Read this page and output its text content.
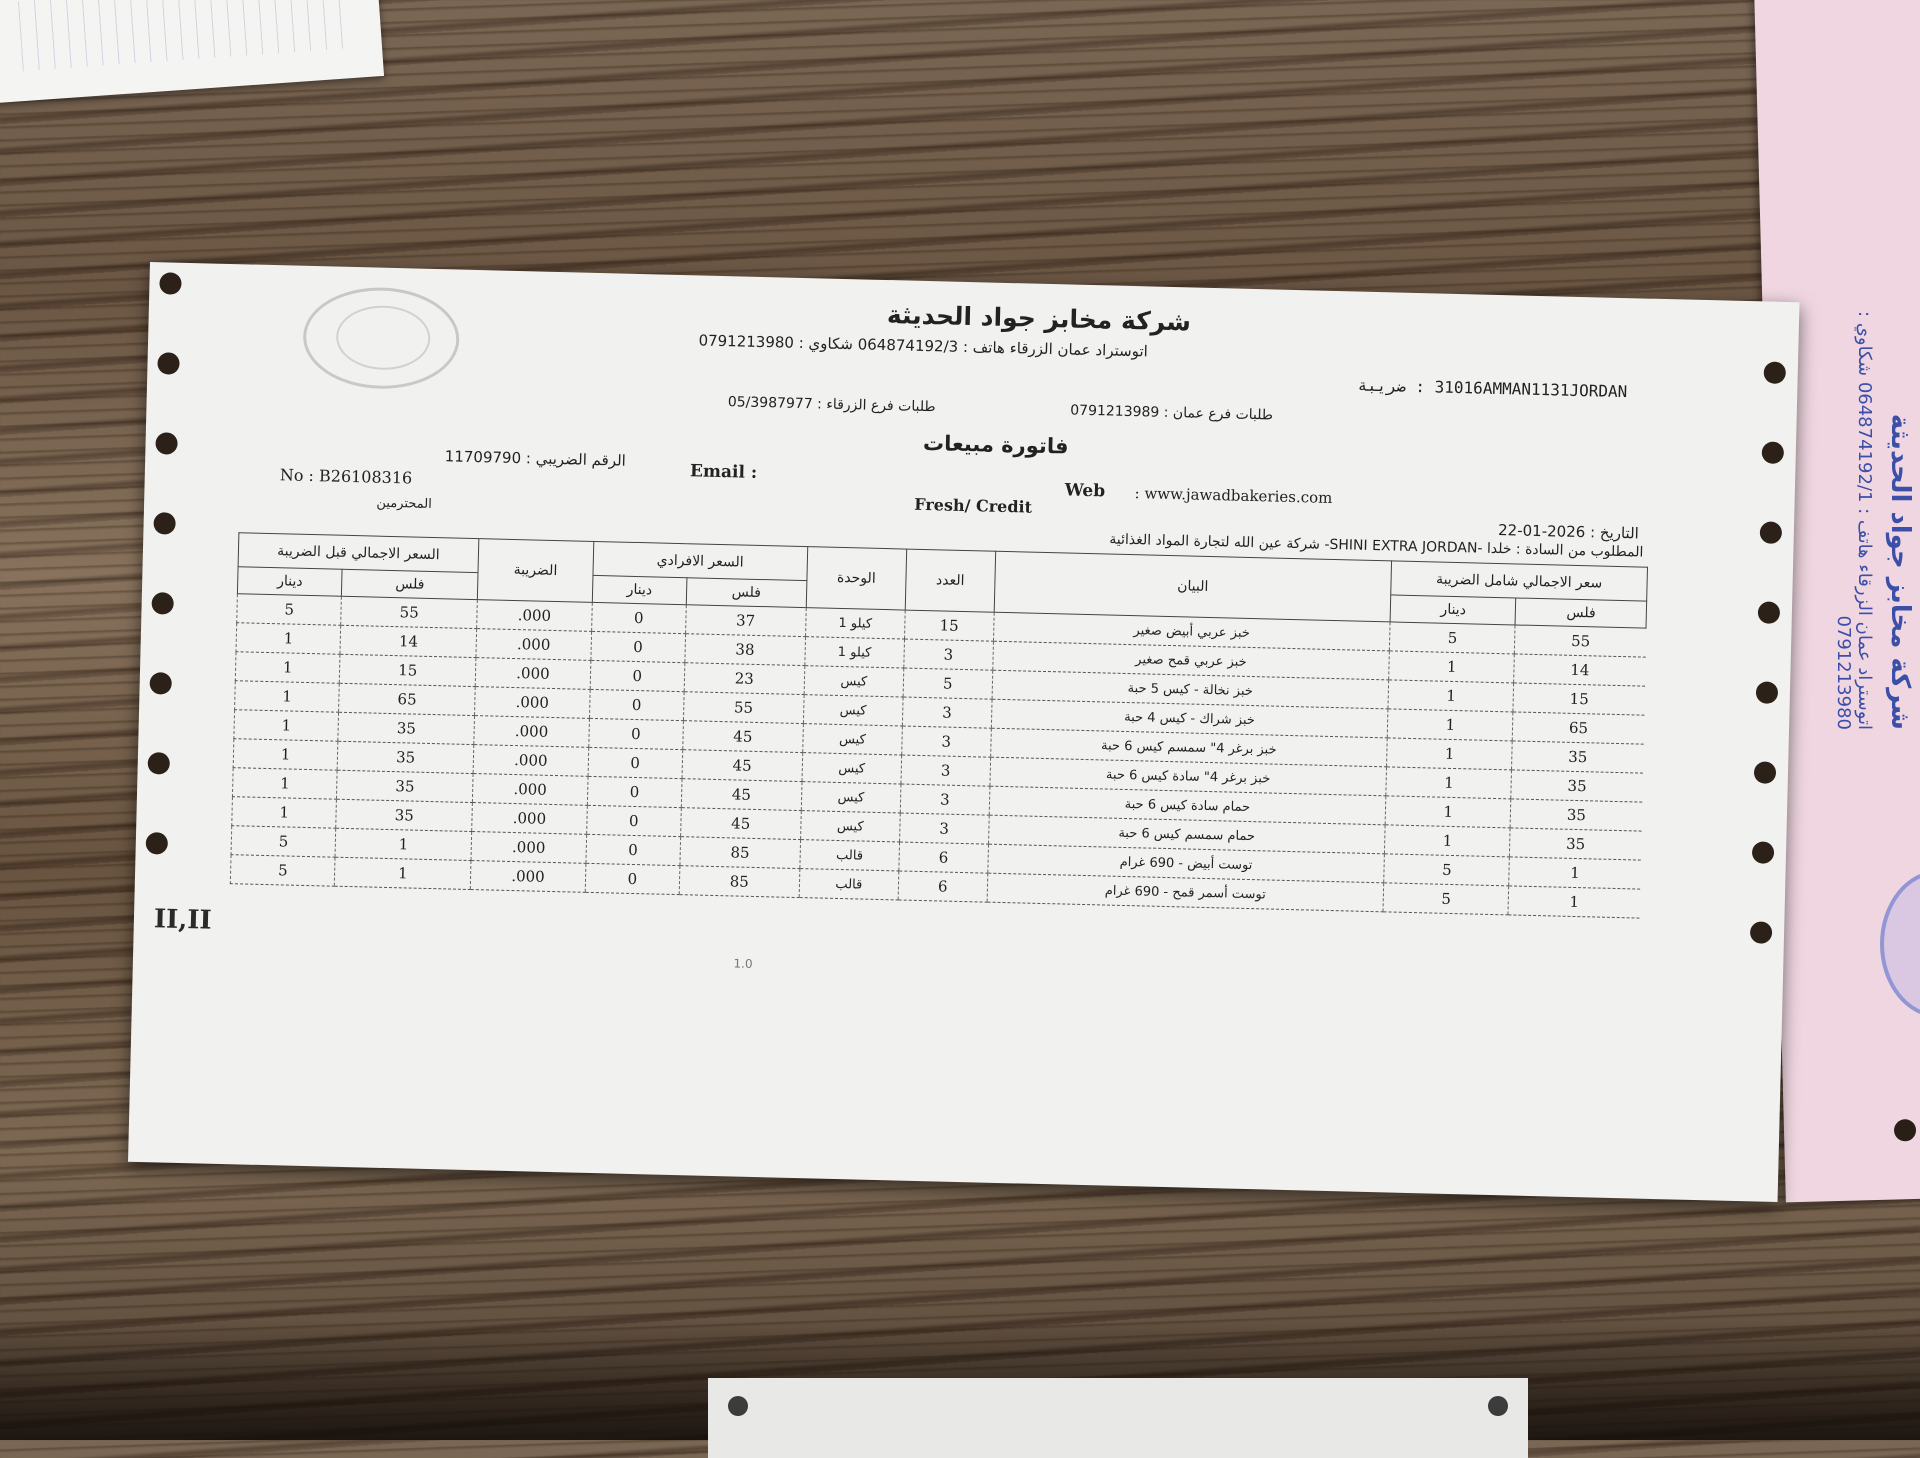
شركة مخابز جواد الحديثة
اتوستراد عمان الزرقاء هاتف : 064874192/1 شكاوي : 0791213980
شركة مخابز جواد الحديثة
اتوستراد عمان الزرقاء هاتف : 064874192/3 شكاوي : 0791213980
31016AMMAN1131JORDAN : ضريبة
طلبات فرع الزرقاء : 05/3987977	طلبات فرع عمان : 0791213989
فاتورة مبيعات
الرقم الضريبي : 11709790
Email :
Web	: www.jawadbakeries.com
No : B26108316
Fresh/ Credit
المحترمين
التاريخ : 2026-01-22
المطلوب من السادة : خلدا -SHINI EXTRA JORDAN- شركة عين الله لتجارة المواد الغذائية
السعر الاجمالي قبل الضريبة		الضريبة	السعر الافرادي		الوحدة	العدد	البيان	سعر الاجمالي شامل الضريبة	
دينار	فلس		دينار	فلس				دينار	فلس
5	55	.000	0	37	كيلو 1	15	خبز عربي أبيض صغير	5	55
1	14	.000	0	38	كيلو 1	3	خبز عربي قمح صغير	1	14
1	15	.000	0	23	كيس	5	خبز نخالة - كيس 5 حبة	1	15
1	65	.000	0	55	كيس	3	خبز شراك - كيس 4 حبة	1	65
1	35	.000	0	45	كيس	3	خبز برغر 4" سمسم كيس 6 حبة	1	35
1	35	.000	0	45	كيس	3	خبز برغر 4" سادة كيس 6 حبة	1	35
1	35	.000	0	45	كيس	3	حمام سادة كيس 6 حبة	1	35
1	35	.000	0	45	كيس	3	حمام سمسم كيس 6 حبة	1	35
5	1	.000	0	85	قالب	6	توست أبيض - 690 غرام	5	1
5	1	.000	0	85	قالب	6	توست أسمر قمح - 690 غرام	5	1
II,II
1.0
